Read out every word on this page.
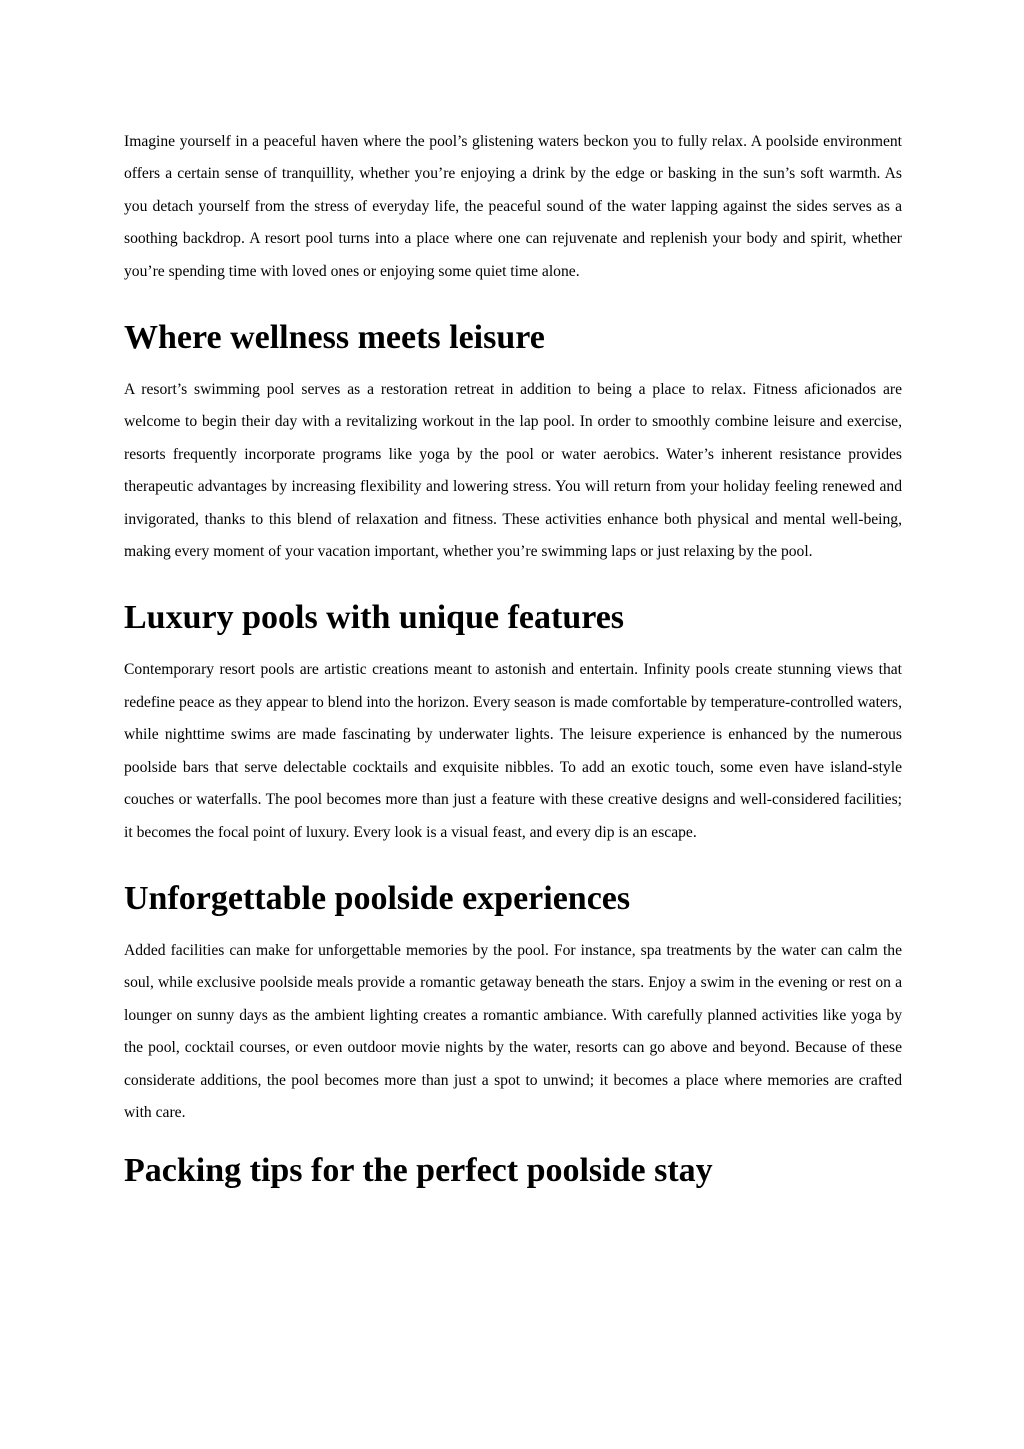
Imagine yourself in a peaceful haven where the pool’s glistening waters beckon you to fully relax. A poolside environment offers a certain sense of tranquillity, whether you’re enjoying a drink by the edge or basking in the sun’s soft warmth. As you detach yourself from the stress of everyday life, the peaceful sound of the water lapping against the sides serves as a soothing backdrop. A resort pool turns into a place where one can rejuvenate and replenish your body and spirit, whether you’re spending time with loved ones or enjoying some quiet time alone.

Where wellness meets leisure

A resort’s swimming pool serves as a restoration retreat in addition to being a place to relax. Fitness aficionados are welcome to begin their day with a revitalizing workout in the lap pool. In order to smoothly combine leisure and exercise, resorts frequently incorporate programs like yoga by the pool or water aerobics. Water’s inherent resistance provides therapeutic advantages by increasing flexibility and lowering stress. You will return from your holiday feeling renewed and invigorated, thanks to this blend of relaxation and fitness. These activities enhance both physical and mental well-being, making every moment of your vacation important, whether you’re swimming laps or just relaxing by the pool.

Luxury pools with unique features

Contemporary resort pools are artistic creations meant to astonish and entertain. Infinity pools create stunning views that redefine peace as they appear to blend into the horizon. Every season is made comfortable by temperature-controlled waters, while nighttime swims are made fascinating by underwater lights. The leisure experience is enhanced by the numerous poolside bars that serve delectable cocktails and exquisite nibbles. To add an exotic touch, some even have island-style couches or waterfalls. The pool becomes more than just a feature with these creative designs and well-considered facilities; it becomes the focal point of luxury. Every look is a visual feast, and every dip is an escape.

Unforgettable poolside experiences

Added facilities can make for unforgettable memories by the pool. For instance, spa treatments by the water can calm the soul, while exclusive poolside meals provide a romantic getaway beneath the stars. Enjoy a swim in the evening or rest on a lounger on sunny days as the ambient lighting creates a romantic ambiance. With carefully planned activities like yoga by the pool, cocktail courses, or even outdoor movie nights by the water, resorts can go above and beyond. Because of these considerate additions, the pool becomes more than just a spot to unwind; it becomes a place where memories are crafted with care.

Packing tips for the perfect poolside stay
